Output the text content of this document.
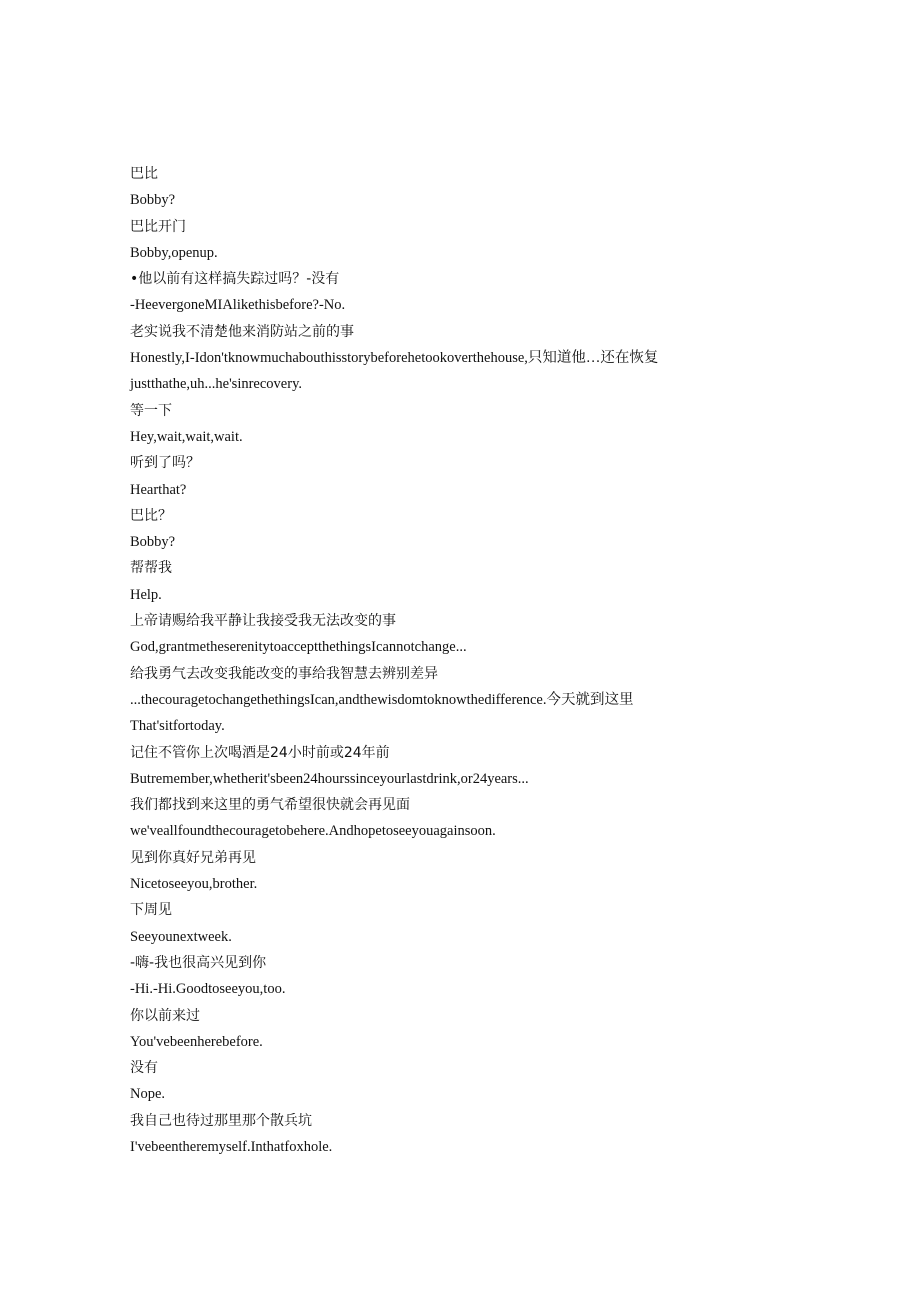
巴比

Bobby?

巴比开门

Bobby,openup.

•他以前有这样搞失踪过吗？-没有

-HeevergoneMIAlikethisbefore?-No.

老实说我不清楚他来消防站之前的事

Honestly,I-Idon'tknowmuchabouthisstorybeforehetookoverthehouse,只知道他…还在恢复

justthathe,uh...he'sinrecovery.

等一下

Hey,wait,wait,wait.

听到了吗？

Hearthat?

巴比？

Bobby?

帮帮我

Help.

上帝请赐给我平静让我接受我无法改变的事

God,grantmetheserenitytoacceptthethingsIcannotchange...

给我勇气去改变我能改变的事给我智慧去辨别差异

...thecouragetochangethethingsIcan,andthewisdomtoknowthedifference.今天就到这里

That'sitfortoday.

记住不管你上次喝酒是24小时前或24年前

Butremember,whetherit'sbeen24hourssinceyourlastdrink,or24years...

我们都找到来这里的勇气希望很快就会再见面

we'veallfoundthecouragetobehere.Andhopetoseeyouagainsoon.

见到你真好兄弟再见

Nicetoseeyou,brother.

下周见

Seeyounextweek.

-嗨-我也很高兴见到你

-Hi.-Hi.Goodtoseeyou,too.

你以前来过

You'vebeenherebefore.

没有

Nope.

我自己也待过那里那个散兵坑

I'vebeentheremyself.Inthatfoxhole.
